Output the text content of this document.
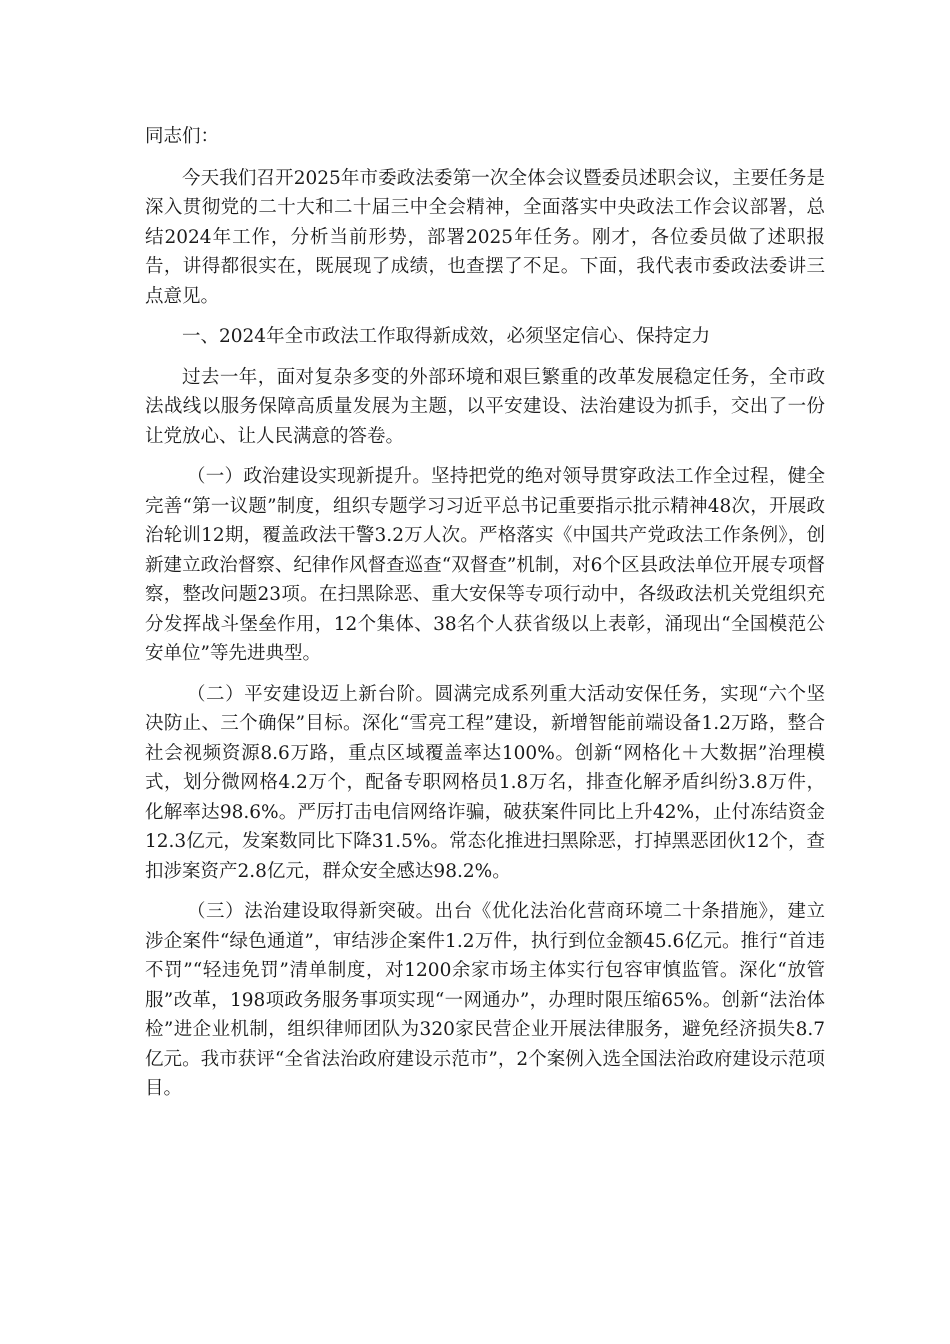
同志们：

今天我们召开2025年市委政法委第一次全体会议暨委员述职会议，主要任务是深入贯彻党的二十大和二十届三中全会精神，全面落实中央政法工作会议部署，总结2024年工作，分析当前形势，部署2025年任务。刚才，各位委员做了述职报告，讲得都很实在，既展现了成绩，也查摆了不足。下面，我代表市委政法委讲三点意见。

一、2024年全市政法工作取得新成效，必须坚定信心、保持定力

过去一年，面对复杂多变的外部环境和艰巨繁重的改革发展稳定任务，全市政法战线以服务保障高质量发展为主题，以平安建设、法治建设为抓手，交出了一份让党放心、让人民满意的答卷。

（一）政治建设实现新提升。坚持把党的绝对领导贯穿政法工作全过程，健全完善“第一议题”制度，组织专题学习习近平总书记重要指示批示精神48次，开展政治轮训12期，覆盖政法干警3.2万人次。严格落实《中国共产党政法工作条例》，创新建立政治督察、纪律作风督查巡查“双督查”机制，对6个区县政法单位开展专项督察，整改问题23项。在扫黑除恶、重大安保等专项行动中，各级政法机关党组织充分发挥战斗堡垒作用，12个集体、38名个人获省级以上表彰，涌现出“全国模范公安单位”等先进典型。

（二）平安建设迈上新台阶。圆满完成系列重大活动安保任务，实现“六个坚决防止、三个确保”目标。深化“雪亮工程”建设，新增智能前端设备1.2万路，整合社会视频资源8.6万路，重点区域覆盖率达100%。创新“网格化＋大数据”治理模式，划分微网格4.2万个，配备专职网格员1.8万名，排查化解矛盾纠纷3.8万件，化解率达98.6%。严厉打击电信网络诈骗，破获案件同比上升42%，止付冻结资金12.3亿元，发案数同比下降31.5%。常态化推进扫黑除恶，打掉黑恶团伙12个，查扣涉案资产2.8亿元，群众安全感达98.2%。

（三）法治建设取得新突破。出台《优化法治化营商环境二十条措施》，建立涉企案件“绿色通道”，审结涉企案件1.2万件，执行到位金额45.6亿元。推行“首违不罚”“轻违免罚”清单制度，对1200余家市场主体实行包容审慎监管。深化“放管服”改革，198项政务服务事项实现“一网通办”，办理时限压缩65%。创新“法治体检”进企业机制，组织律师团队为320家民营企业开展法律服务，避免经济损失8.7亿元。我市获评“全省法治政府建设示范市”，2个案例入选全国法治政府建设示范项目。
